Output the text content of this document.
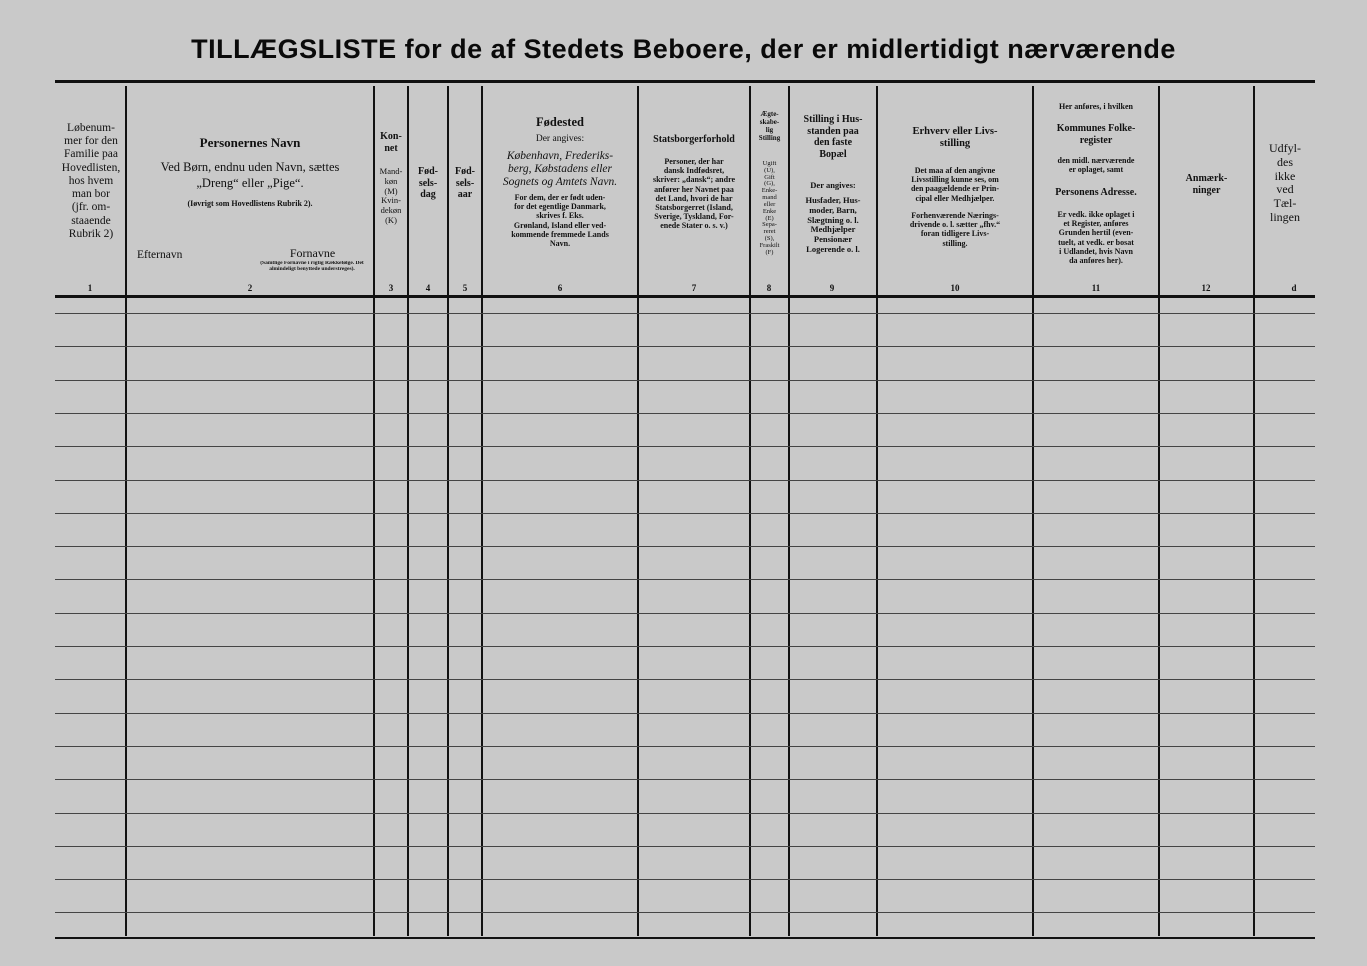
TILLÆGSLISTE for de af Stedets Beboere, der er midlertidigt nærværende
Løbenum-
mer for den
Familie paa
Hovedlisten,
hos hvem
man bor
(jfr. om-
staaende
Rubrik 2)
1
Personernes Navn
Ved Børn, endnu uden Navn, sættes
„Dreng“ eller „Pige“.
(Iøvrigt som Hovedlistens Rubrik 2).
Efternavn	Fornavne
(Samtlige Fornavne i rigtig Rækkefølge. Det almindeligt benyttede understreges).
2
Kon-
net
Mand-
køn
(M)
Kvin-
dekøn
(K)
3
Fød-
sels-
dag
4
Fød-
sels-
aar
5
Fødested
Der angives:
København, Frederiks-
berg, Købstadens eller
Sognets og Amtets Navn.
For dem, der er født uden-
for det egentlige Danmark,
skrives f. Eks.
Grønland, Island eller ved-
kommende fremmede Lands
Navn.
6
Statsborgerforhold
Personer, der har
dansk Indfødsret,
skriver: „dansk“; andre
anfører her Navnet paa
det Land, hvori de har
Statsborgerret (Island,
Sverige, Tyskland, For-
enede Stater o. s. v.)
7
Ægte-
skabe-
lig
Stilling
Ugift
(U),
Gift
(G),
Enke-
mand
eller
Enke
(E)
Sepa-
reret
(S),
Fraskilt
(F)
8
Stilling i Hus-
standen paa
den faste
Bopæl
Der angives:
Husfader, Hus-
moder, Barn,
Slægtning o. l.
Medhjælper
Pensionær
Logerende o. l.
9
Erhverv eller Livs-
stilling
Det maa af den angivne
Livsstilling kunne ses, om
den paagældende er Prin-
cipal eller Medhjælper.
Forhenværende Nærings-
drivende o. l. sætter „fhv.“
foran tidligere Livs-
stilling.
10
Her anføres, i hvilken
Kommunes Folke-
register
den midl. nærværende
er oplaget, samt
Personens Adresse.
Er vedk. ikke oplaget i
et Register, anføres
Grunden hertil (even-
tuelt, at vedk. er bosat
i Udlandet, hvis Navn
da anføres her).
11
Anmærk-
ninger
12
Udfyl-
des
ikke
ved
Tæl-
lingen
d
